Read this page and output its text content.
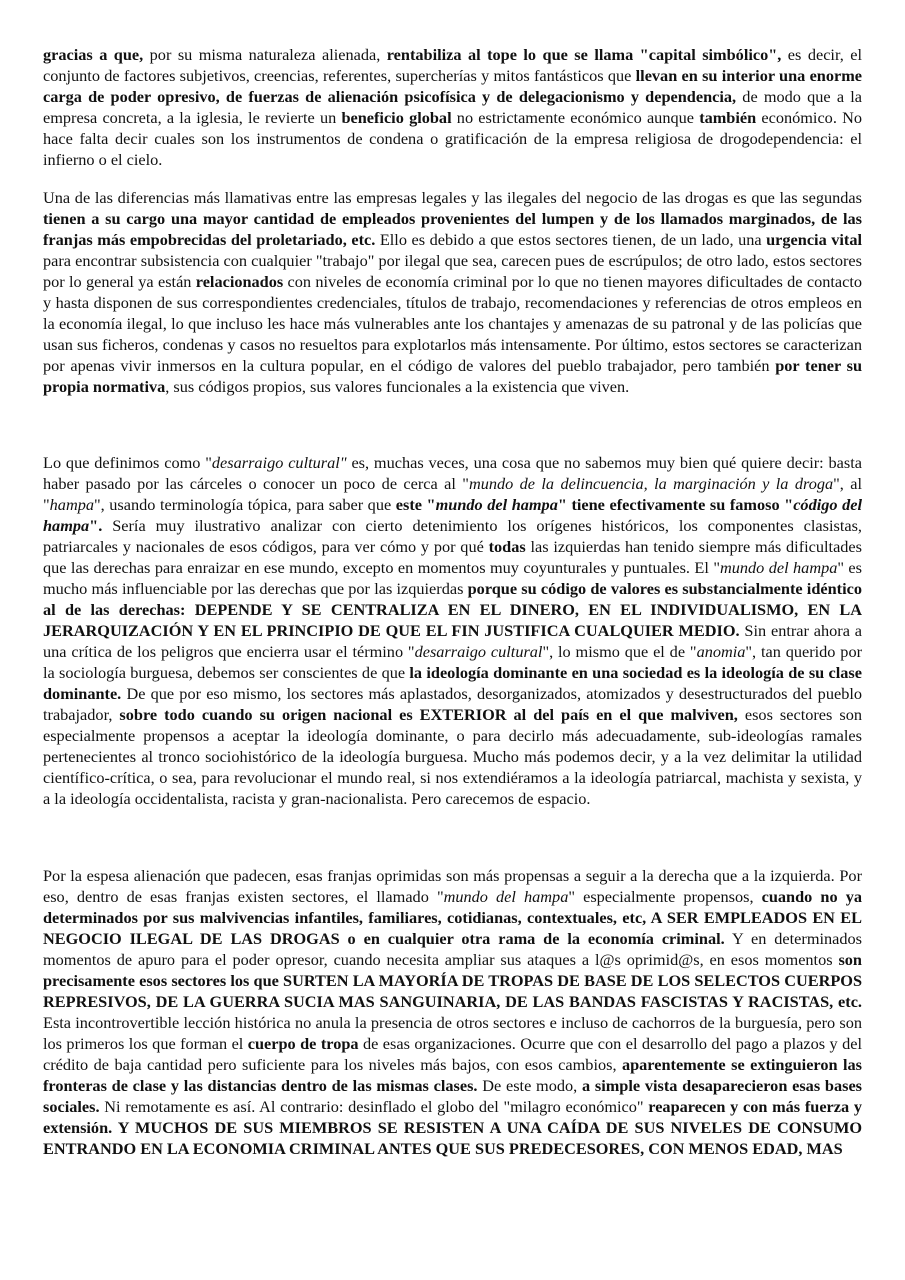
gracias a que, por su misma naturaleza alienada, rentabiliza al tope lo que se llama "capital simbólico", es decir, el conjunto de factores subjetivos, creencias, referentes, supercherías y mitos fantásticos que llevan en su interior una enorme carga de poder opresivo, de fuerzas de alienación psicofísica y de delegacionismo y dependencia, de modo que a la empresa concreta, a la iglesia, le revierte un beneficio global no estrictamente económico aunque también económico. No hace falta decir cuales son los instrumentos de condena o gratificación de la empresa religiosa de drogodependencia: el infierno o el cielo.

Una de las diferencias más llamativas entre las empresas legales y las ilegales del negocio de las drogas es que las segundas tienen a su cargo una mayor cantidad de empleados provenientes del lumpen y de los llamados marginados, de las franjas más empobrecidas del proletariado, etc. Ello es debido a que estos sectores tienen, de un lado, una urgencia vital para encontrar subsistencia con cualquier "trabajo" por ilegal que sea, carecen pues de escrúpulos; de otro lado, estos sectores por lo general ya están relacionados con niveles de economía criminal por lo que no tienen mayores dificultades de contacto y hasta disponen de sus correspondientes credenciales, títulos de trabajo, recomendaciones y referencias de otros empleos en la economía ilegal, lo que incluso les hace más vulnerables ante los chantajes y amenazas de su patronal y de las policías que usan sus ficheros, condenas y casos no resueltos para explotarlos más intensamente. Por último, estos sectores se caracterizan por apenas vivir inmersos en la cultura popular, en el código de valores del pueblo trabajador, pero también por tener su propia normativa, sus códigos propios, sus valores funcionales a la existencia que viven.

Lo que definimos como "desarraigo cultural" es, muchas veces, una cosa que no sabemos muy bien qué quiere decir: basta haber pasado por las cárceles o conocer un poco de cerca al "mundo de la delincuencia, la marginación y la droga", al "hampa", usando terminología tópica, para saber que este "mundo del hampa" tiene efectivamente su famoso "código del hampa". Sería muy ilustrativo analizar con cierto detenimiento los orígenes históricos, los componentes clasistas, patriarcales y nacionales de esos códigos, para ver cómo y por qué todas las izquierdas han tenido siempre más dificultades que las derechas para enraizar en ese mundo, excepto en momentos muy coyunturales y puntuales. El "mundo del hampa" es mucho más influenciable por las derechas que por las izquierdas porque su código de valores es substancialmente idéntico al de las derechas: DEPENDE Y SE CENTRALIZA EN EL DINERO, EN EL INDIVIDUALISMO, EN LA JERARQUIZACIÓN Y EN EL PRINCIPIO DE QUE EL FIN JUSTIFICA CUALQUIER MEDIO. Sin entrar ahora a una crítica de los peligros que encierra usar el término "desarraigo cultural", lo mismo que el de "anomia", tan querido por la sociología burguesa, debemos ser conscientes de que la ideología dominante en una sociedad es la ideología de su clase dominante. De que por eso mismo, los sectores más aplastados, desorganizados, atomizados y desestructurados del pueblo trabajador, sobre todo cuando su origen nacional es EXTERIOR al del país en el que malviven, esos sectores son especialmente propensos a aceptar la ideología dominante, o para decirlo más adecuadamente, sub-ideologías ramales pertenecientes al tronco sociohistórico de la ideología burguesa. Mucho más podemos decir, y a la vez delimitar la utilidad científico-crítica, o sea, para revolucionar el mundo real, si nos extendiéramos a la ideología patriarcal, machista y sexista, y a la ideología occidentalista, racista y gran-nacionalista. Pero carecemos de espacio.

Por la espesa alienación que padecen, esas franjas oprimidas son más propensas a seguir a la derecha que a la izquierda. Por eso, dentro de esas franjas existen sectores, el llamado "mundo del hampa" especialmente propensos, cuando no ya determinados por sus malvivencias infantiles, familiares, cotidianas, contextuales, etc, A SER EMPLEADOS EN EL NEGOCIO ILEGAL DE LAS DROGAS o en cualquier otra rama de la economía criminal. Y en determinados momentos de apuro para el poder opresor, cuando necesita ampliar sus ataques a l@s oprimid@s, en esos momentos son precisamente esos sectores los que SURTEN LA MAYORÍA DE TROPAS DE BASE DE LOS SELECTOS CUERPOS REPRESIVOS, DE LA GUERRA SUCIA MAS SANGUINARIA, DE LAS BANDAS FASCISTAS Y RACISTAS, etc. Esta incontrovertible lección histórica no anula la presencia de otros sectores e incluso de cachorros de la burguesía, pero son los primeros los que forman el cuerpo de tropa de esas organizaciones. Ocurre que con el desarrollo del pago a plazos y del crédito de baja cantidad pero suficiente para los niveles más bajos, con esos cambios, aparentemente se extinguieron las fronteras de clase y las distancias dentro de las mismas clases. De este modo, a simple vista desaparecieron esas bases sociales. Ni remotamente es así. Al contrario: desinflado el globo del "milagro económico" reaparecen y con más fuerza y extensión. Y MUCHOS DE SUS MIEMBROS SE RESISTEN A UNA CAÍDA DE SUS NIVELES DE CONSUMO ENTRANDO EN LA ECONOMIA CRIMINAL ANTES QUE SUS PREDECESORES, CON MENOS EDAD, MAS
